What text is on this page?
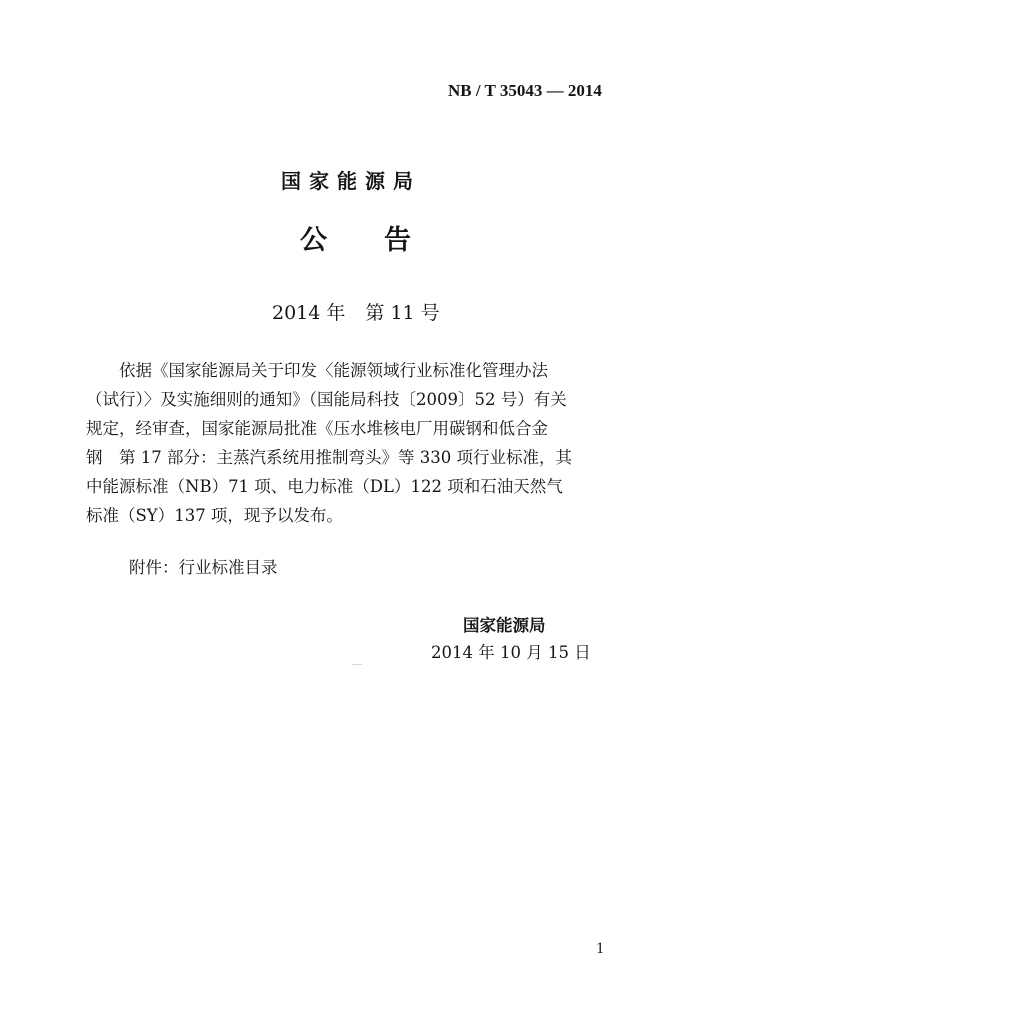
NB / T 35043 — 2014
国家能源局
公 告
2014 年 第 11 号
　　依据《国家能源局关于印发〈能源领域行业标准化管理办法
（试行）〉及实施细则的通知》（国能局科技〔2009〕52 号）有关
规定，经审查，国家能源局批准《压水堆核电厂用碳钢和低合金
钢　第 17 部分：主蒸汽系统用推制弯头》等 330 项行业标准，其
中能源标准（NB）71 项、电力标准（DL）122 项和石油天然气
标准（SY）137 项，现予以发布。
附件：行业标准目录
国家能源局
2014 年 10 月 15 日
1
